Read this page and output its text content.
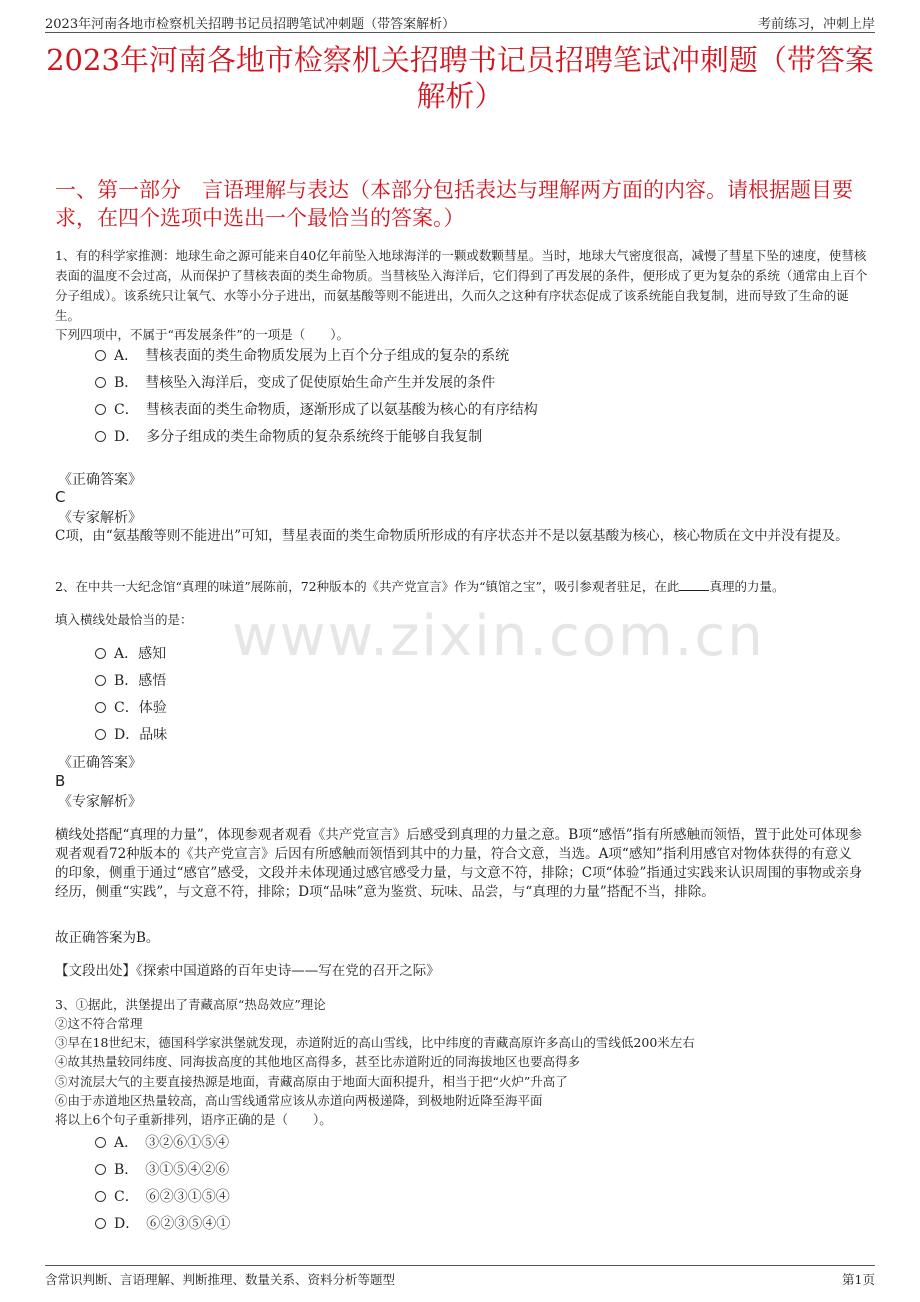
2023年河南各地市检察机关招聘书记员招聘笔试冲刺题（带答案解析）	考前练习，冲刺上岸
2023年河南各地市检察机关招聘书记员招聘笔试冲刺题（带答案解析）
一、第一部分　言语理解与表达（本部分包括表达与理解两方面的内容。请根据题目要求，在四个选项中选出一个最恰当的答案。）
1、有的科学家推测：地球生命之源可能来自40亿年前坠入地球海洋的一颗或数颗彗星。当时，地球大气密度很高，减慢了彗星下坠的速度，使彗核表面的温度不会过高，从而保护了彗核表面的类生命物质。当彗核坠入海洋后，它们得到了再发展的条件，便形成了更为复杂的系统（通常由上百个分子组成）。该系统只让氧气、水等小分子进出，而氨基酸等则不能进出，久而久之这种有序状态促成了该系统能自我复制，进而导致了生命的诞生。
下列四项中，不属于“再发展条件”的一项是（　　）。
A．　彗核表面的类生命物质发展为上百个分子组成的复杂的系统
B．　彗核坠入海洋后，变成了促使原始生命产生并发展的条件
C．　彗核表面的类生命物质，逐渐形成了以氨基酸为核心的有序结构
D．　多分子组成的类生命物质的复杂系统终于能够自我复制
《正确答案》
C
《专家解析》
C项，由“氨基酸等则不能进出”可知，彗星表面的类生命物质所形成的有序状态并不是以氨基酸为核心，核心物质在文中并没有提及。
2、在中共一大纪念馆“真理的味道”展陈前，72种版本的《共产党宣言》作为“镇馆之宝”，吸引参观者驻足，在此 真理的力量。
填入横线处最恰当的是： www.zixin.com.cn
A．感知
B．感悟
C．体验
D．品味
《正确答案》
B
《专家解析》
横线处搭配“真理的力量”，体现参观者观看《共产党宣言》后感受到真理的力量之意。B项“感悟”指有所感触而领悟，置于此处可体现参观者观看72种版本的《共产党宣言》后因有所感触而领悟到其中的力量，符合文意，当选。A项“感知”指利用感官对物体获得的有意义的印象，侧重于通过“感官”感受，文段并未体现通过感官感受力量，与文意不符，排除；C项“体验”指通过实践来认识周围的事物或亲身经历，侧重“实践”，与文意不符，排除；D项“品味”意为鉴赏、玩味、品尝，与“真理的力量”搭配不当，排除。
故正确答案为B。
【文段出处】《探索中国道路的百年史诗——写在党的召开之际》
3、①据此，洪堡提出了青藏高原“热岛效应”理论
②这不符合常理
③早在18世纪末，德国科学家洪堡就发现，赤道附近的高山雪线，比中纬度的青藏高原许多高山的雪线低200米左右
④故其热量较同纬度、同海拔高度的其他地区高得多，甚至比赤道附近的同海拔地区也要高得多
⑤对流层大气的主要直接热源是地面，青藏高原由于地面大面积提升，相当于把“火炉”升高了
⑥由于赤道地区热量较高，高山雪线通常应该从赤道向两极递降，到极地附近降至海平面
将以上6个句子重新排列，语序正确的是（　　）。
A．　③②⑥①⑤④
B．　③①⑤④②⑥
C．　⑥②③①⑤④
D．　⑥②③⑤④①
含常识判断、言语理解、判断推理、数量关系、资料分析等题型	第1页
